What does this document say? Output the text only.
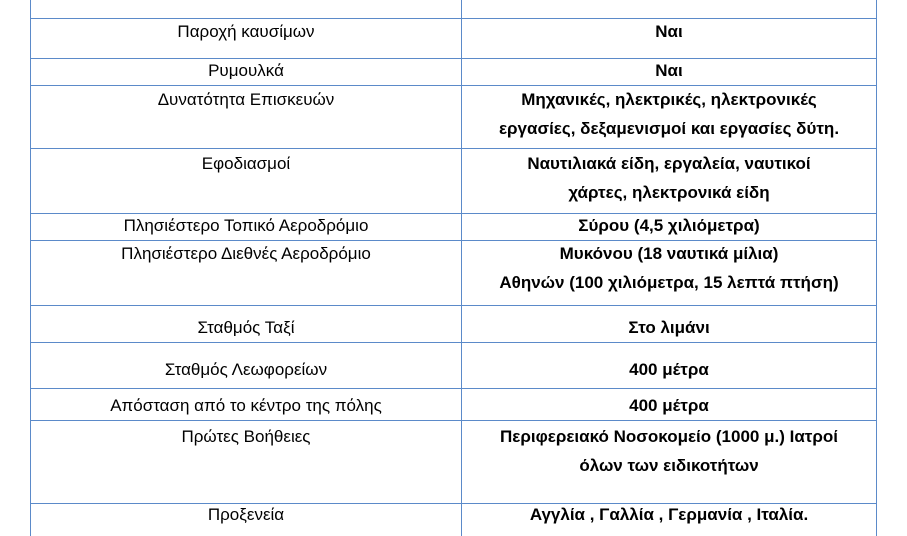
Παροχή καυσίμων	Ναι
Ρυμουλκά	Ναι
Δυνατότητα Επισκευών	Μηχανικές, ηλεκτρικές, ηλεκτρονικές
εργασίες, δεξαμενισμοί και εργασίες δύτη.
Εφοδιασμοί	Ναυτιλιακά είδη, εργαλεία, ναυτικοί
χάρτες, ηλεκτρονικά είδη
Πλησιέστερο Τοπικό Αεροδρόμιο	Σύρου (4,5 χιλιόμετρα)
Πλησιέστερο Διεθνές Αεροδρόμιο	Μυκόνου (18 ναυτικά μίλια)
Αθηνών (100 χιλιόμετρα, 15 λεπτά πτήση)
Σταθμός Ταξί	Στο λιμάνι
Σταθμός Λεωφορείων	400 μέτρα
Απόσταση από το κέντρο της πόλης	400 μέτρα
Πρώτες Βοήθειες	Περιφερειακό Νοσοκομείο (1000 μ.) Ιατροί
όλων των ειδικοτήτων
Προξενεία	Αγγλία , Γαλλία , Γερμανία , Ιταλία.
